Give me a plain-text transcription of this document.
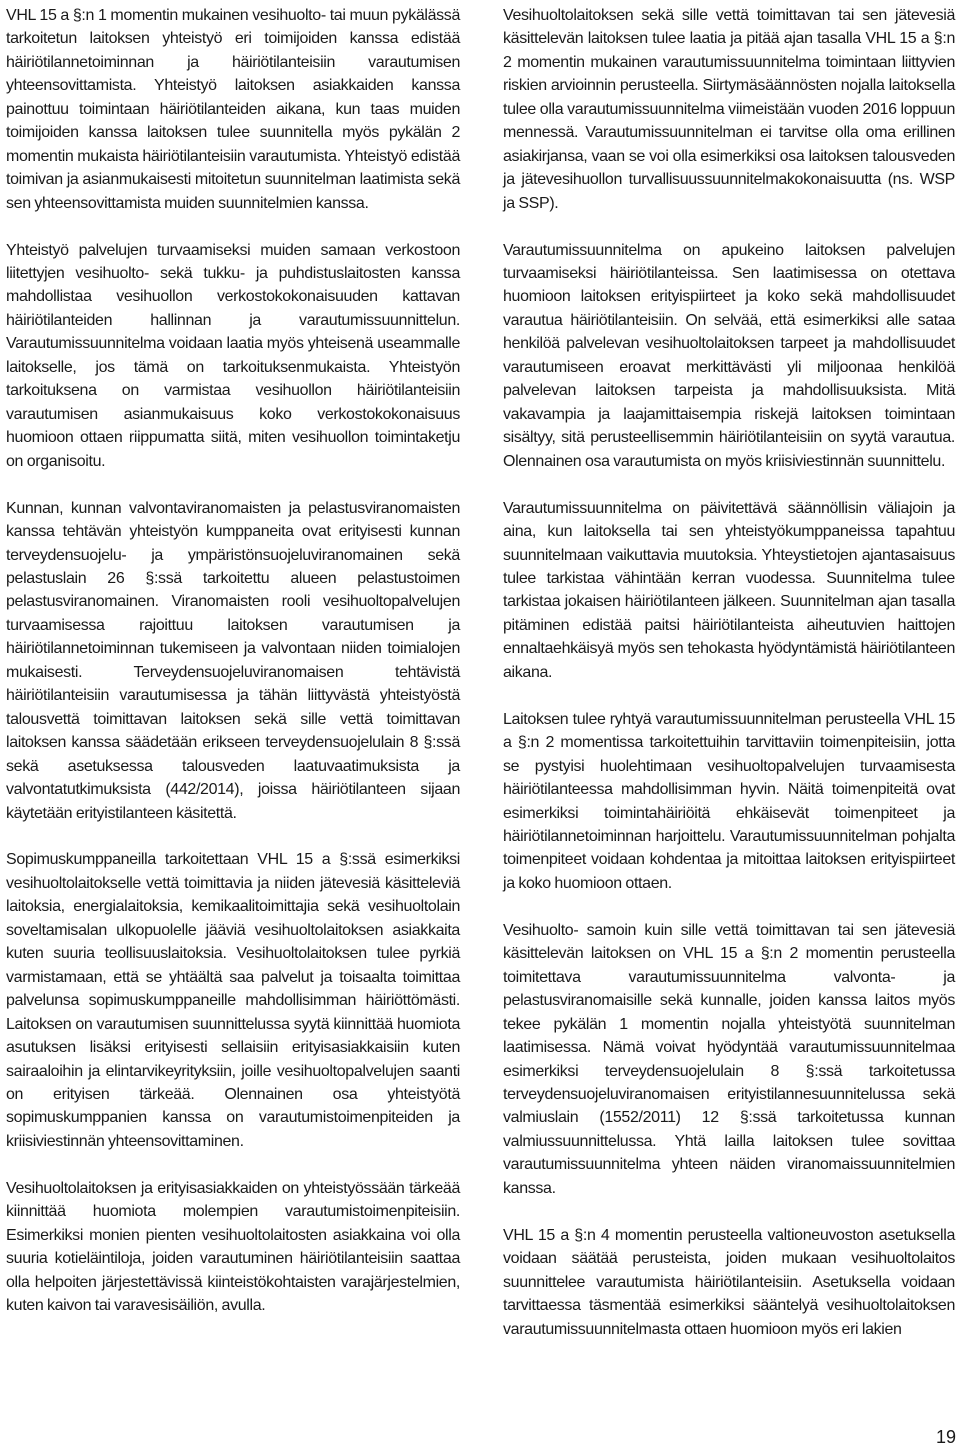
VHL 15 a §:n 1 momentin mukainen vesihuolto- tai muun pykälässä tarkoitetun laitoksen yhteistyö eri toimijoiden kanssa edistää häiriötilannetoiminnan ja häiriötilanteisiin varautumisen yhteensovittamista. Yhteistyö laitoksen asiakkaiden kanssa painottuu toimintaan häiriötilanteiden aikana, kun taas muiden toimijoiden kanssa laitoksen tulee suunnitella myös pykälän 2 momentin mukaista häiriötilanteisiin varautumista. Yhteistyö edistää toimivan ja asianmukaisesti mitoitetun suunnitelman laatimista sekä sen yhteensovittamista muiden suunnitelmien kanssa.

Yhteistyö palvelujen turvaamiseksi muiden samaan verkostoon liitettyjen vesihuolto- sekä tukku- ja puhdistuslaitosten kanssa mahdollistaa vesihuollon verkostokokonaisuuden kattavan häiriötilanteiden hallinnan ja varautumissuunnittelun. Varautumissuunnitelma voidaan laatia myös yhteisenä useammalle laitokselle, jos tämä on tarkoituksenmukaista. Yhteistyön tarkoituksena on varmistaa vesihuollon häiriötilanteisiin varautumisen asianmukaisuus koko verkostokokonaisuus huomioon ottaen riippumatta siitä, miten vesihuollon toimintaketju on organisoitu.

Kunnan, kunnan valvontaviranomaisten ja pelastusviranomaisten kanssa tehtävän yhteistyön kumppaneita ovat erityisesti kunnan terveydensuojelu- ja ympäristönsuojeluviranomainen sekä pelastuslain 26 §:ssä tarkoitettu alueen pelastustoimen pelastusviranomainen. Viranomaisten rooli vesihuoltopalvelujen turvaamisessa rajoittuu laitoksen varautumisen ja häiriötilannetoiminnan tukemiseen ja valvontaan niiden toimialojen mukaisesti. Terveydensuojeluviranomaisen tehtävistä häiriötilanteisiin varautumisessa ja tähän liittyvästä yhteistyöstä talousvettä toimittavan laitoksen sekä sille vettä toimittavan laitoksen kanssa säädetään erikseen terveydensuojelulain 8 §:ssä sekä asetuksessa talousveden laatuvaatimuksista ja valvontatutkimuksista (442/2014), joissa häiriötilanteen sijaan käytetään erityistilanteen käsitettä.

Sopimuskumppaneilla tarkoitettaan VHL 15 a §:ssä esimerkiksi vesihuoltolaitokselle vettä toimittavia ja niiden jätevesiä käsitteleviä laitoksia, energialaitoksia, kemikaalitoimittajia sekä vesihuoltolain soveltamisalan ulkopuolelle jääviä vesihuoltolaitoksen asiakkaita kuten suuria teollisuuslaitoksia. Vesihuoltolaitoksen tulee pyrkiä varmistamaan, että se yhtäältä saa palvelut ja toisaalta toimittaa palvelunsa sopimuskumppaneille mahdollisimman häiriöttömästi. Laitoksen on varautumisen suunnittelussa syytä kiinnittää huomiota asutuksen lisäksi erityisesti sellaisiin erityisasiakkaisiin kuten sairaaloihin ja elintarvikeyrityksiin, joille vesihuoltopalvelujen saanti on erityisen tärkeää. Olennainen osa yhteistyötä sopimuskumppanien kanssa on varautumistoimenpiteiden ja kriisiviestinnän yhteensovittaminen.

Vesihuoltolaitoksen ja erityisasiakkaiden on yhteistyössään tärkeää kiinnittää huomiota molempien varautumistoimenpiteisiin. Esimerkiksi monien pienten vesihuoltolaitosten asiakkaina voi olla suuria kotieläintiloja, joiden varautuminen häiriötilanteisiin saattaa olla helpoiten järjestettävissä kiinteistökohtaisten varajärjestelmien, kuten kaivon tai varavesisäiliön, avulla.

Vesihuoltolaitoksen sekä sille vettä toimittavan tai sen jätevesiä käsittelevän laitoksen tulee laatia ja pitää ajan tasalla VHL 15 a §:n 2 momentin mukainen varautumissuunnitelma toimintaan liittyvien riskien arvioinnin perusteella. Siirtymäsäännösten nojalla laitoksella tulee olla varautumissuunnitelma viimeistään vuoden 2016 loppuun mennessä. Varautumissuunnitelman ei tarvitse olla oma erillinen asiakirjansa, vaan se voi olla esimerkiksi osa laitoksen talousveden ja jätevesihuollon turvallisuussuunnitelmakokonaisuutta (ns. WSP ja SSP).

Varautumissuunnitelma on apukeino laitoksen palvelujen turvaamiseksi häiriötilanteissa. Sen laatimisessa on otettava huomioon laitoksen erityispiirteet ja koko sekä mahdollisuudet varautua häiriötilanteisiin. On selvää, että esimerkiksi alle sataa henkilöä palvelevan vesihuoltolaitoksen tarpeet ja mahdollisuudet varautumiseen eroavat merkittävästi yli miljoonaa henkilöä palvelevan laitoksen tarpeista ja mahdollisuuksista. Mitä vakavampia ja laajamittaisempia riskejä laitoksen toimintaan sisältyy, sitä perusteellisemmin häiriötilanteisiin on syytä varautua. Olennainen osa varautumista on myös kriisiviestinnän suunnittelu.

Varautumissuunnitelma on päivitettävä säännöllisin väliajoin ja aina, kun laitoksella tai sen yhteistyökumppaneissa tapahtuu suunnitelmaan vaikuttavia muutoksia. Yhteystietojen ajantasaisuus tulee tarkistaa vähintään kerran vuodessa. Suunnitelma tulee tarkistaa jokaisen häiriötilanteen jälkeen. Suunnitelman ajan tasalla pitäminen edistää paitsi häiriötilanteista aiheutuvien haittojen ennaltaehkäisyä myös sen tehokasta hyödyntämistä häiriötilanteen aikana.

Laitoksen tulee ryhtyä varautumissuunnitelman perusteella VHL 15 a §:n 2 momentissa tarkoitettuihin tarvittaviin toimenpiteisiin, jotta se pystyisi huolehtimaan vesihuoltopalvelujen turvaamisesta häiriötilanteessa mahdollisimman hyvin. Näitä toimenpiteitä ovat esimerkiksi toimintahäiriöitä ehkäisevät toimenpiteet ja häiriötilannetoiminnan harjoittelu. Varautumissuunnitelman pohjalta toimenpiteet voidaan kohdentaa ja mitoittaa laitoksen erityispiirteet ja koko huomioon ottaen.

Vesihuolto- samoin kuin sille vettä toimittavan tai sen jätevesiä käsittelevän laitoksen on VHL 15 a §:n 2 momentin perusteella toimitettava varautumissuunnitelma valvonta- ja pelastusviranomaisille sekä kunnalle, joiden kanssa laitos myös tekee pykälän 1 momentin nojalla yhteistyötä suunnitelman laatimisessa. Nämä voivat hyödyntää varautumissuunnitelmaa esimerkiksi terveydensuojelulain 8 §:ssä tarkoitetussa terveydensuojeluviranomaisen erityistilannesuunnitelussa sekä valmiuslain (1552/2011) 12 §:ssä tarkoitetussa kunnan valmiussuunnittelussa. Yhtä lailla laitoksen tulee sovittaa varautumissuunnitelma yhteen näiden viranomaissuunnitelmien kanssa.

VHL 15 a §:n 4 momentin perusteella valtioneuvoston asetuksella voidaan säätää perusteista, joiden mukaan vesihuoltolaitos suunnittelee varautumista häiriötilanteisiin. Asetuksella voidaan tarvittaessa täsmentää esimerkiksi sääntelyä vesihuoltolaitoksen varautumissuunnitelmasta ottaen huomioon myös eri lakien

19
